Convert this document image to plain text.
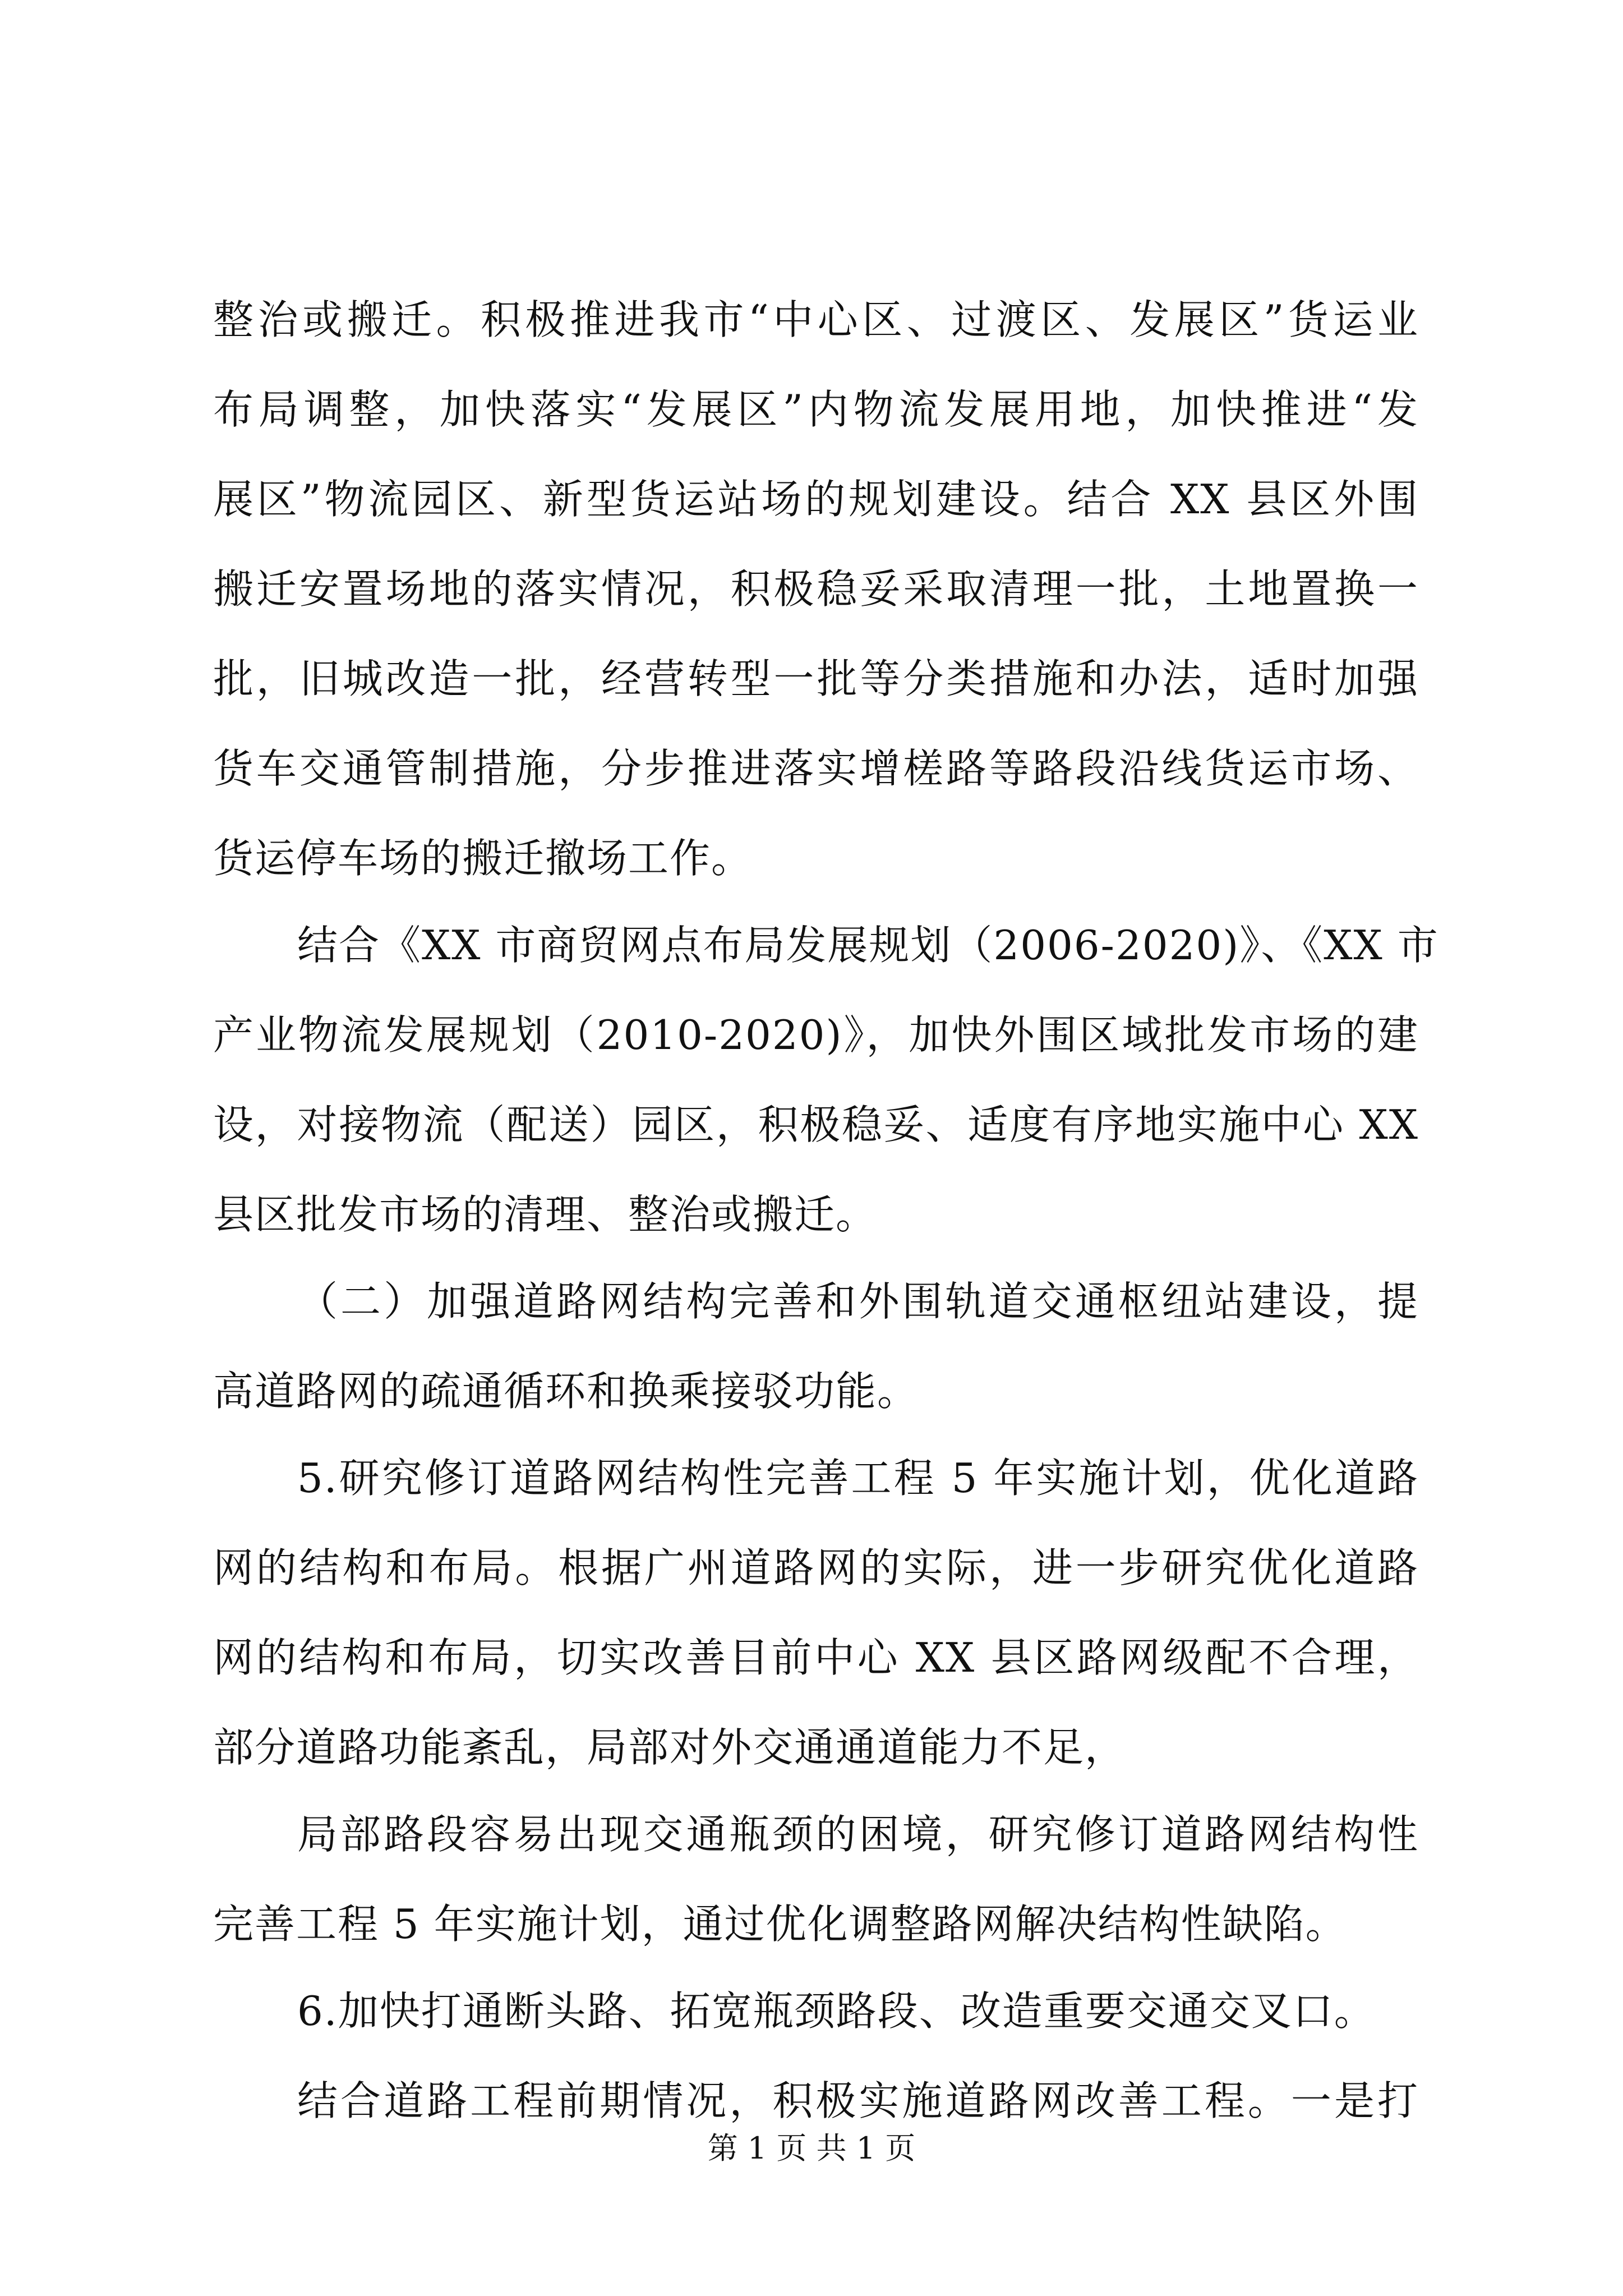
整治或搬迁。积极推进我市“中心区、过渡区、发展区”货运业
布局调整，加快落实“发展区”内物流发展用地，加快推进“发
展区”物流园区、新型货运站场的规划建设。结合 XX 县区外围
搬迁安置场地的落实情况，积极稳妥采取清理一批，土地置换一
批，旧城改造一批，经营转型一批等分类措施和办法，适时加强
货车交通管制措施，分步推进落实增槎路等路段沿线货运市场、
货运停车场的搬迁撤场工作。
结合《XX 市商贸网点布局发展规划（2006-2020)》、《XX 市
产业物流发展规划（2010-2020)》，加快外围区域批发市场的建
设，对接物流（配送）园区，积极稳妥、适度有序地实施中心 XX
县区批发市场的清理、整治或搬迁。
（二）加强道路网结构完善和外围轨道交通枢纽站建设，提
高道路网的疏通循环和换乘接驳功能。
5.研究修订道路网结构性完善工程 5 年实施计划，优化道路
网的结构和布局。根据广州道路网的实际，进一步研究优化道路
网的结构和布局，切实改善目前中心 XX 县区路网级配不合理，
部分道路功能紊乱，局部对外交通通道能力不足，
局部路段容易出现交通瓶颈的困境，研究修订道路网结构性
完善工程 5 年实施计划，通过优化调整路网解决结构性缺陷。
6.加快打通断头路、拓宽瓶颈路段、改造重要交通交叉口。
结合道路工程前期情况，积极实施道路网改善工程。一是打
第 1 页 共 1 页
